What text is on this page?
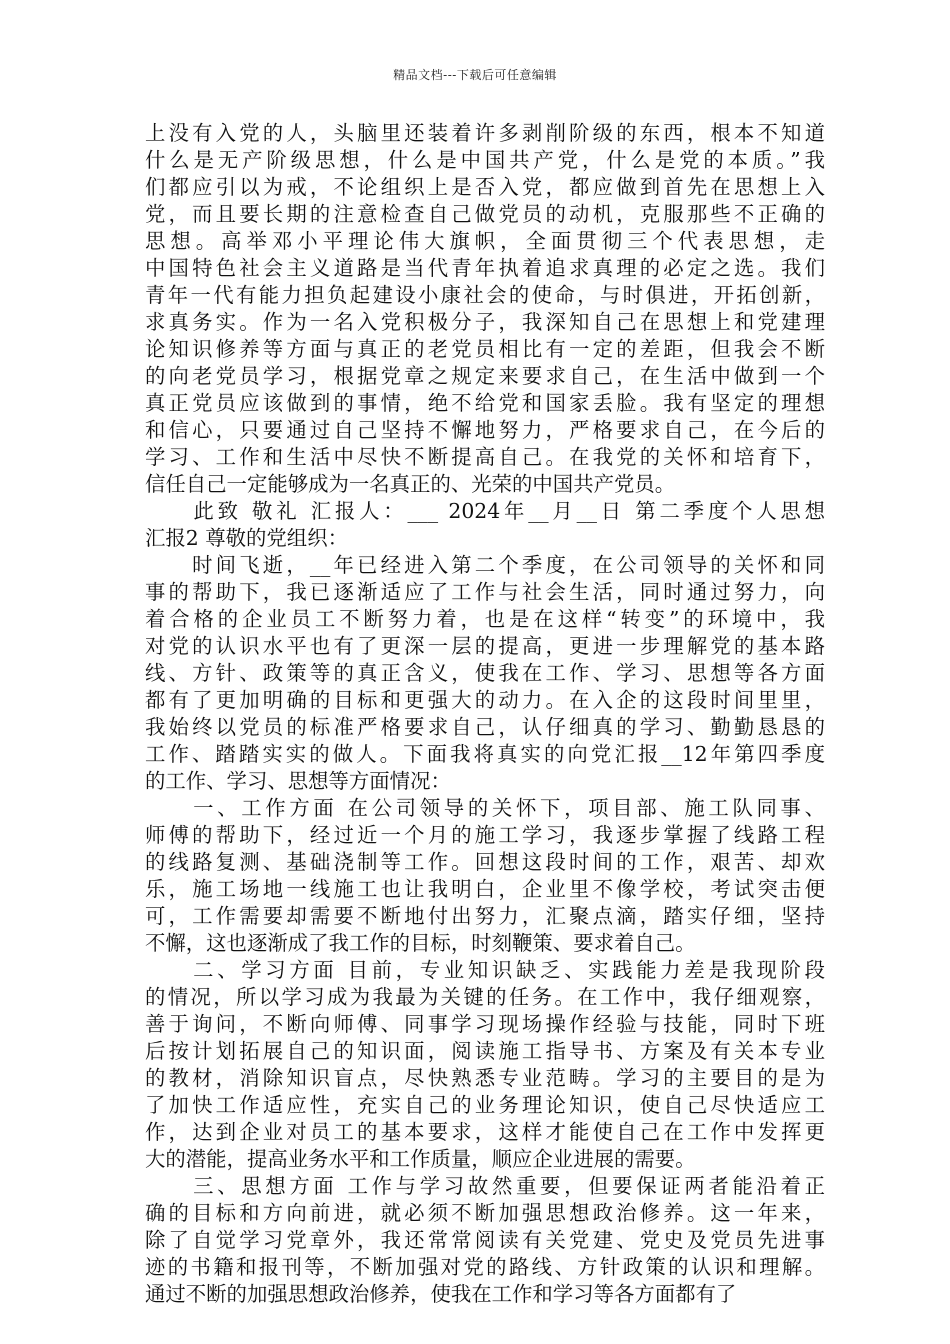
精品文档---下载后可任意编辑
上没有入党的人，头脑里还装着许多剥削阶级的东西，根本不知道
什么是无产阶级思想，什么是中国共产党，什么是党的本质。”我
们都应引以为戒，不论组织上是否入党，都应做到首先在思想上入
党，而且要长期的注意检查自己做党员的动机，克服那些不正确的
思想。高举邓小平理论伟大旗帜，全面贯彻三个代表思想，走
中国特色社会主义道路是当代青年执着追求真理的必定之选。我们
青年一代有能力担负起建设小康社会的使命，与时俱进，开拓创新，
求真务实。作为一名入党积极分子，我深知自己在思想上和党建理
论知识修养等方面与真正的老党员相比有一定的差距，但我会不断
的向老党员学习，根据党章之规定来要求自己，在生活中做到一个
真正党员应该做到的事情，绝不给党和国家丢脸。我有坚定的理想
和信心，只要通过自己坚持不懈地努力，严格要求自己，在今后的
学习、工作和生活中尽快不断提高自己。在我党的关怀和培育下，
信任自己一定能够成为一名真正的、光荣的中国共产党员。
　　此致 敬礼 汇报人：___ 2024年__月__日 第二季度个人思想
汇报2 尊敬的党组织：
　　时间飞逝，__年已经进入第二个季度，在公司领导的关怀和同
事的帮助下，我已逐渐适应了工作与社会生活，同时通过努力，向
着合格的企业员工不断努力着，也是在这样“转变”的环境中，我
对党的认识水平也有了更深一层的提高，更进一步理解党的基本路
线、方针、政策等的真正含义，使我在工作、学习、思想等各方面
都有了更加明确的目标和更强大的动力。在入企的这段时间里里，
我始终以党员的标准严格要求自己，认仔细真的学习、勤勤恳恳的
工作、踏踏实实的做人。下面我将真实的向党汇报__12年第四季度
的工作、学习、思想等方面情况：
　　一、工作方面 在公司领导的关怀下，项目部、施工队同事、
师傅的帮助下，经过近一个月的施工学习，我逐步掌握了线路工程
的线路复测、基础浇制等工作。回想这段时间的工作，艰苦、却欢
乐，施工场地一线施工也让我明白，企业里不像学校，考试突击便
可，工作需要却需要不断地付出努力，汇聚点滴，踏实仔细，坚持
不懈，这也逐渐成了我工作的目标，时刻鞭策、要求着自己。
　　二、学习方面 目前，专业知识缺乏、实践能力差是我现阶段
的情况，所以学习成为我最为关键的任务。在工作中，我仔细观察，
善于询问，不断向师傅、同事学习现场操作经验与技能，同时下班
后按计划拓展自己的知识面，阅读施工指导书、方案及有关本专业
的教材，消除知识盲点，尽快熟悉专业范畴。学习的主要目的是为
了加快工作适应性，充实自己的业务理论知识，使自己尽快适应工
作，达到企业对员工的基本要求，这样才能使自己在工作中发挥更
大的潜能，提高业务水平和工作质量，顺应企业进展的需要。
　　三、思想方面 工作与学习故然重要，但要保证两者能沿着正
确的目标和方向前进，就必须不断加强思想政治修养。这一年来，
除了自觉学习党章外，我还常常阅读有关党建、党史及党员先进事
迹的书籍和报刊等，不断加强对党的路线、方针政策的认识和理解。
通过不断的加强思想政治修养，使我在工作和学习等各方面都有了
